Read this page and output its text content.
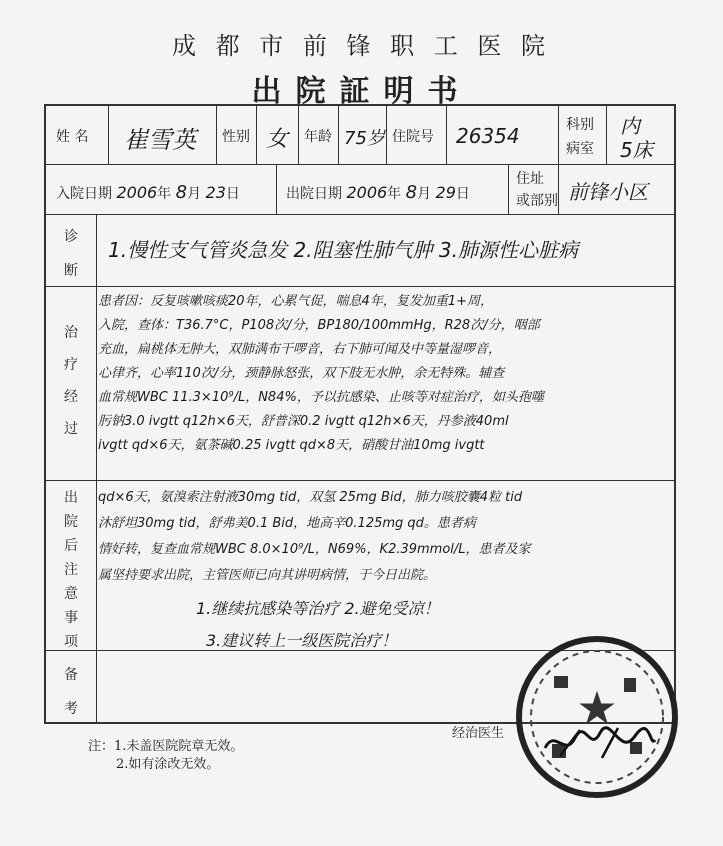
成 都 市 前 锋 职 工 医 院
出院証明书
姓 名 崔雪英 性别 女 年龄 75岁 住院号 26354	科别
病室
内
5床
入院日期 2006年 8月 23日	出院日期 2006年 8月 29日
住址
或部别 前锋小区
诊
断
1.慢性支气管炎急发 2.阻塞性肺气肿 3.肺源性心脏病
治
疗
经
过
患者因：反复咳嗽咳痰20年，心累气促，喘息4年，复发加重1+周，
入院，查体：T36.7°C，P108次/分，BP180/100mmHg，R28次/分，咽部
充血，扁桃体无肿大，双肺满布干啰音，右下肺可闻及中等量湿啰音，
心律齐，心率110次/分，颈静脉怒张，双下肢无水肿，余无特殊。辅查
血常规WBC 11.3×10⁹/L，N84%，予以抗感染、止咳等对症治疗，如头孢噻
肟钠3.0 ivgtt q12h×6天，舒普深0.2 ivgtt q12h×6天，丹参液40ml
ivgtt qd×6天，氨茶碱0.25 ivgtt qd×8天，硝酸甘油10mg ivgtt
qd×6天，氨溴索注射液30mg tid，双氢 25mg Bid，肺力咳胶囊4粒 tid
出
院
后
注
意
事
项
沐舒坦30mg tid，舒弗美0.1 Bid，地高辛0.125mg qd。患者病
情好转，复查血常规WBC 8.0×10⁹/L，N69%，K2.39mmol/L，患者及家
属坚持要求出院，主管医师已向其讲明病情，于今日出院。
1.继续抗感染等治疗 2.避免受凉！
3.建议转上一级医院治疗！
备
考
注：1.未盖医院院章无效。
2.如有涂改无效。
经治医生 ★
